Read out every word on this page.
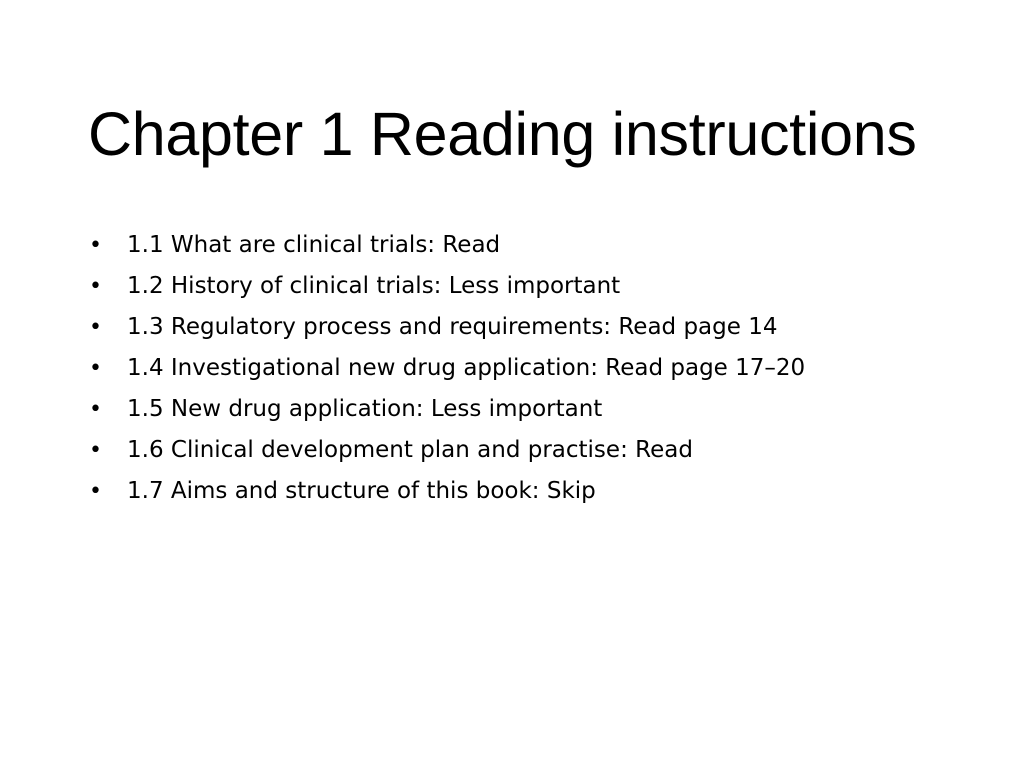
Chapter 1 Reading instructions
•	1.1 What are clinical trials: Read
•	1.2 History of clinical trials: Less important
•	1.3 Regulatory process and requirements: Read page 14
•	1.4 Investigational new drug application: Read page 17–20
•	1.5 New drug application: Less important
•	1.6 Clinical development plan and practise: Read
•	1.7 Aims and structure of this book: Skip
